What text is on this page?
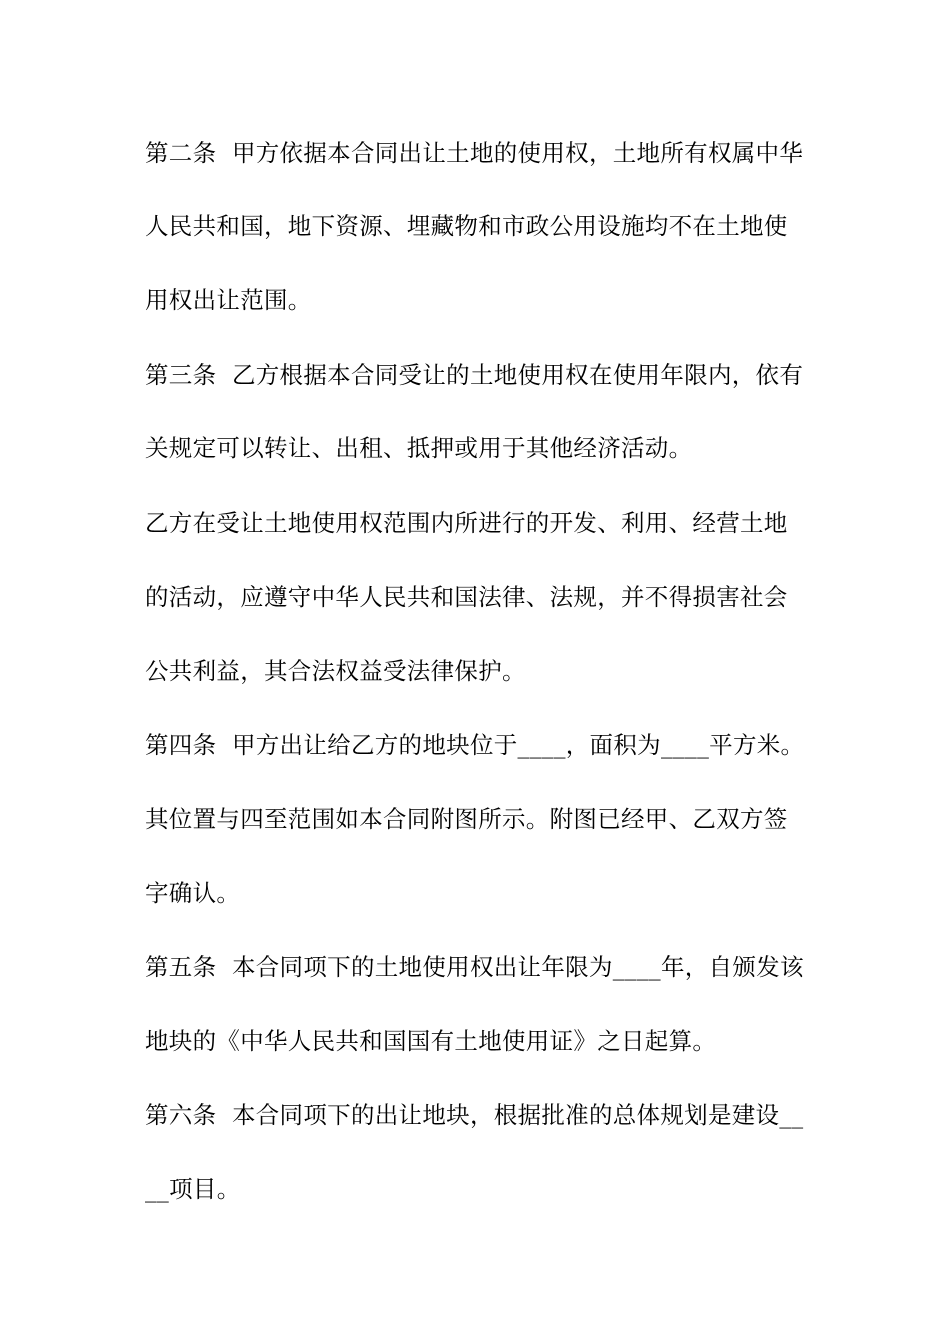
第二条  甲方依据本合同出让土地的使用权，土地所有权属中华
人民共和国，地下资源、埋藏物和市政公用设施均不在土地使
用权出让范围。
第三条  乙方根据本合同受让的土地使用权在使用年限内，依有
关规定可以转让、出租、抵押或用于其他经济活动。
乙方在受让土地使用权范围内所进行的开发、利用、经营土地
的活动，应遵守中华人民共和国法律、法规，并不得损害社会
公共利益，其合法权益受法律保护。
第四条  甲方出让给乙方的地块位于____，面积为____平方米。
其位置与四至范围如本合同附图所示。附图已经甲、乙双方签
字确认。
第五条  本合同项下的土地使用权出让年限为____年，自颁发该
地块的《中华人民共和国国有土地使用证》之日起算。
第六条  本合同项下的出让地块，根据批准的总体规划是建设__
__项目。
